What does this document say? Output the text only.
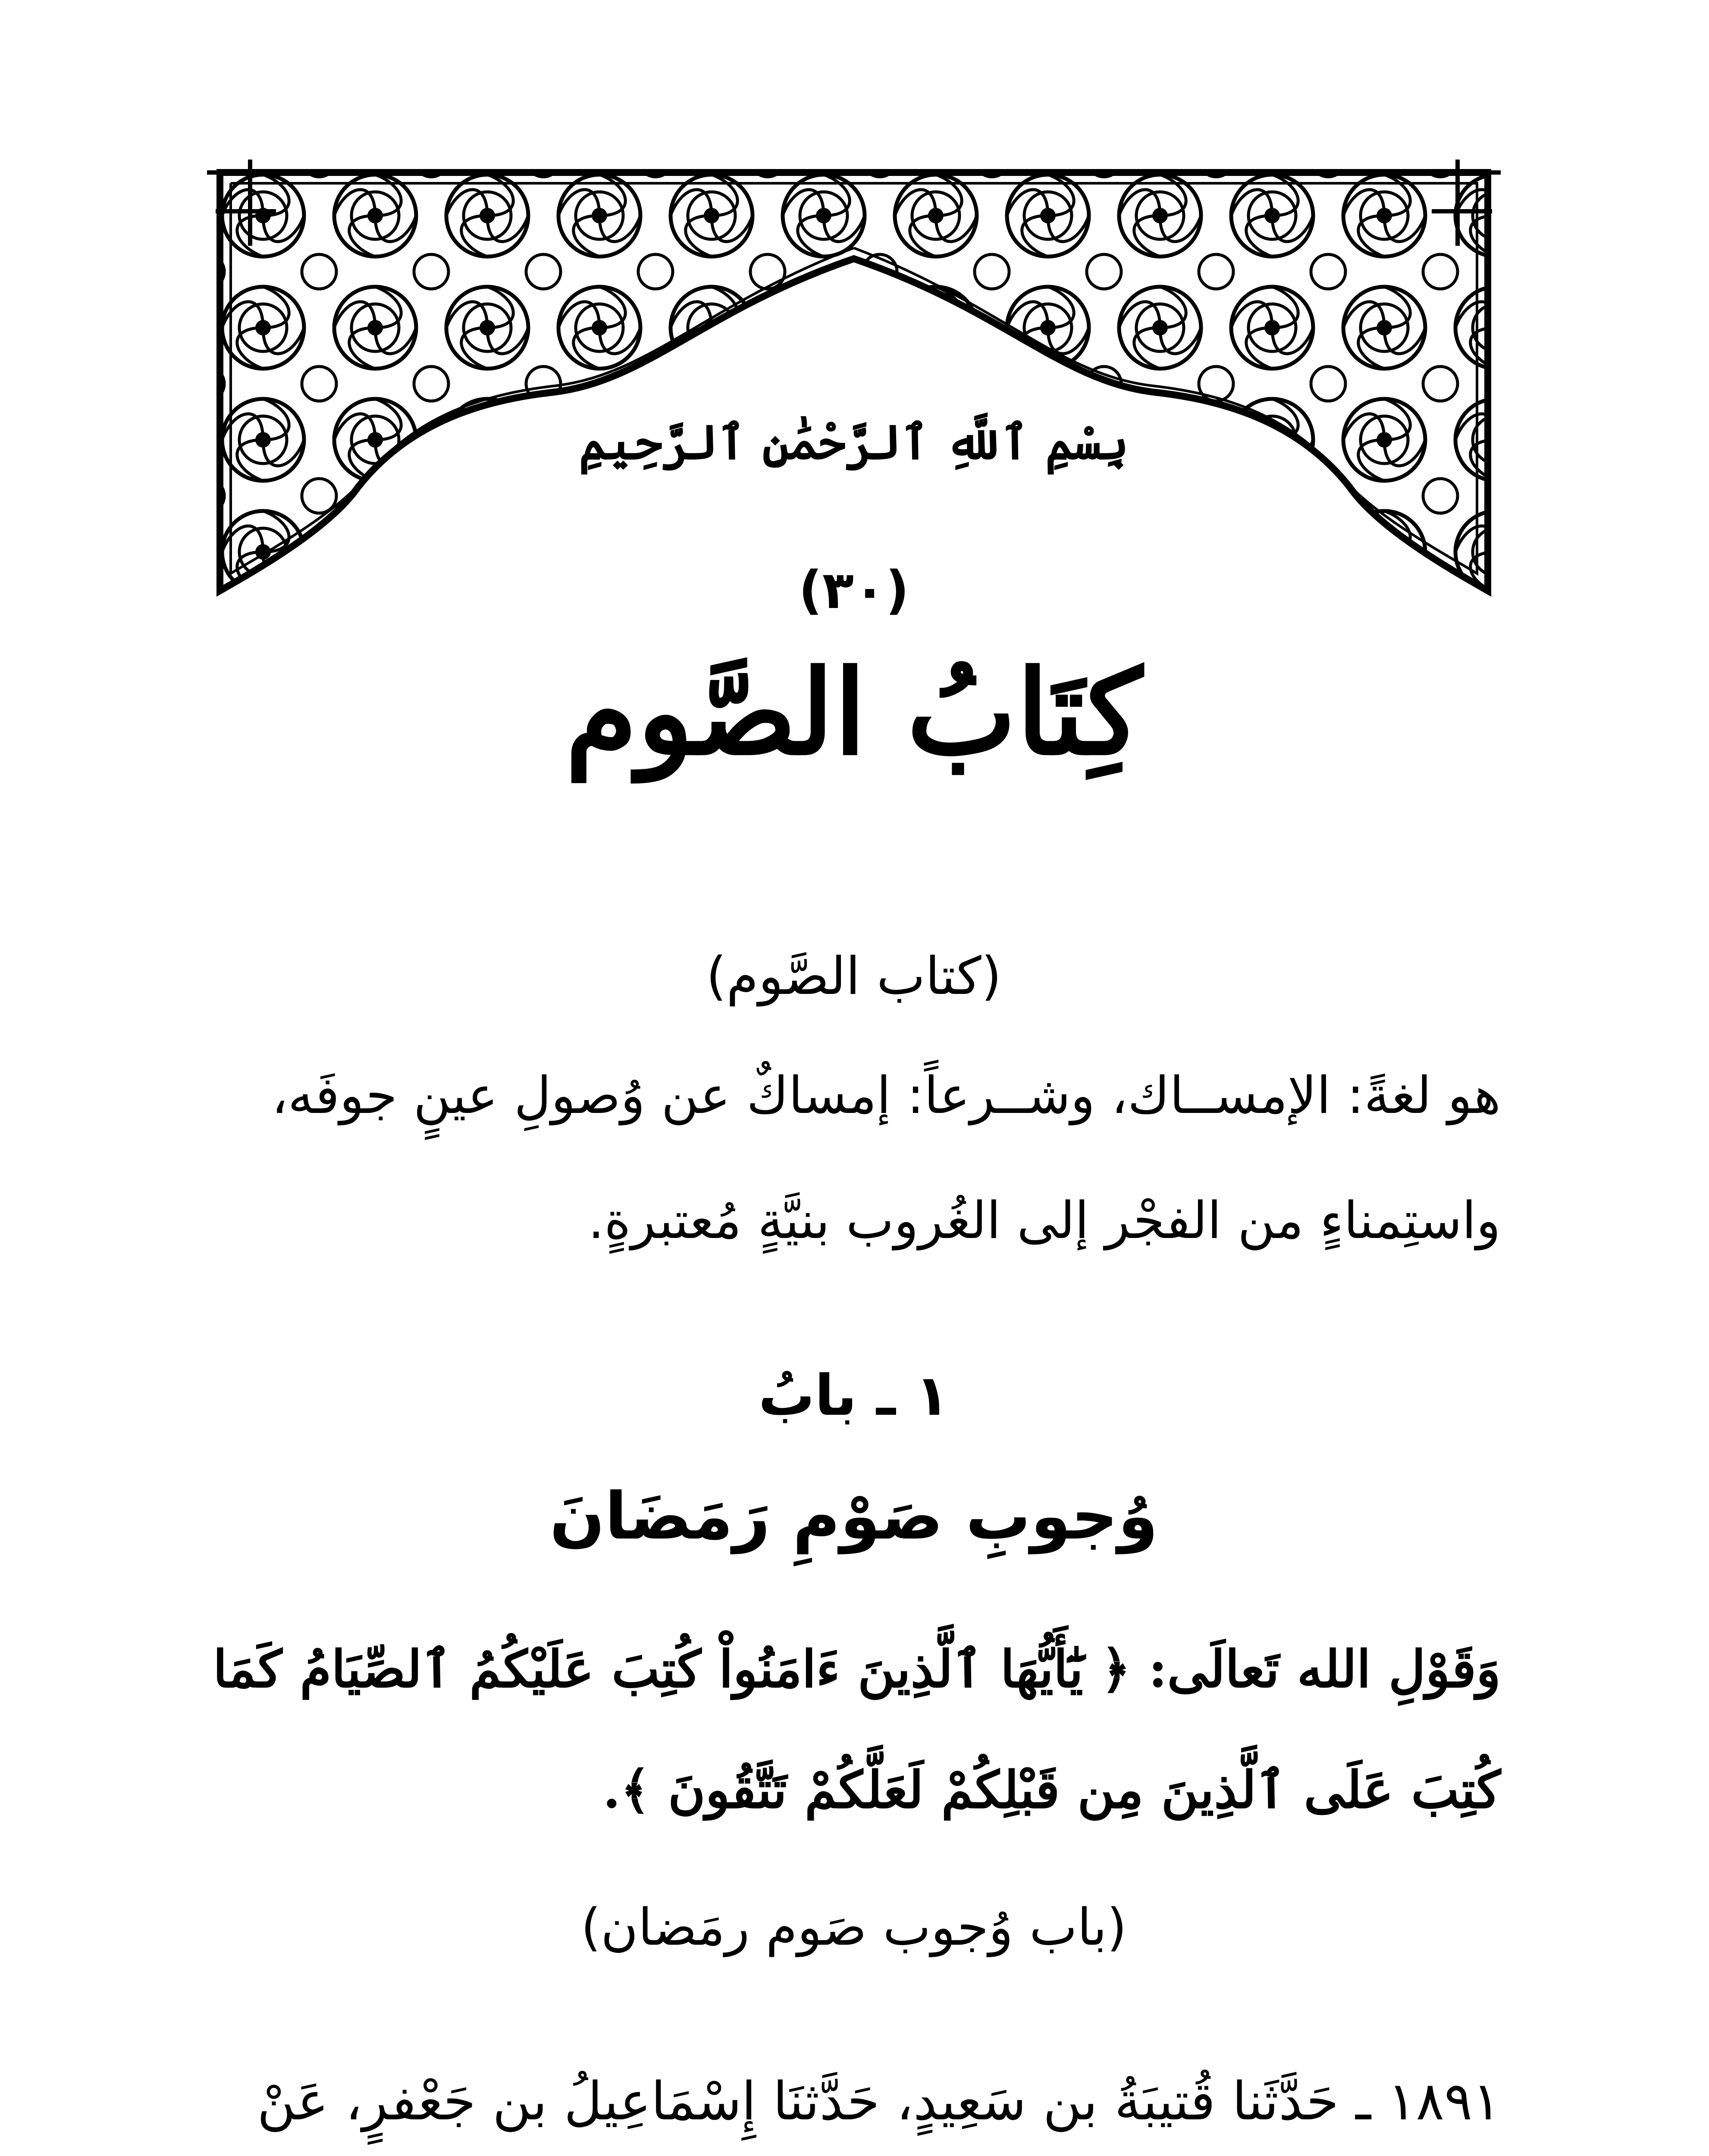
بِسْمِ ٱللَّهِ ٱلرَّحْمَٰنِ ٱلرَّحِيمِ
(٣٠)
كِتَابُ الصَّوم
(كتاب الصَّوم)
هو لغةً: الإمســاك، وشــرعاً: إمساكٌ عن وُصولِ عينٍ جوفَه،
واستِمناءٍ من الفجْر إلى الغُروب بنيَّةٍ مُعتبرةٍ.
١ ـ بابُ
وُجوبِ صَوْمِ رَمَضَانَ
وَقَوْلِ الله تَعالَى: ﴿ يَٰٓأَيُّهَا ٱلَّذِينَ ءَامَنُواْ كُتِبَ عَلَيْكُمُ ٱلصِّيَامُ كَمَا
كُتِبَ عَلَى ٱلَّذِينَ مِن قَبْلِكُمْ لَعَلَّكُمْ تَتَّقُونَ ﴾.
(باب وُجوب صَوم رمَضان)
١٨٩١ ـ حَدَّثَنا قُتيبَةُ بن سَعِيدٍ، حَدَّثنَا إِسْمَاعِيلُ بن جَعْفرٍ، عَنْ
